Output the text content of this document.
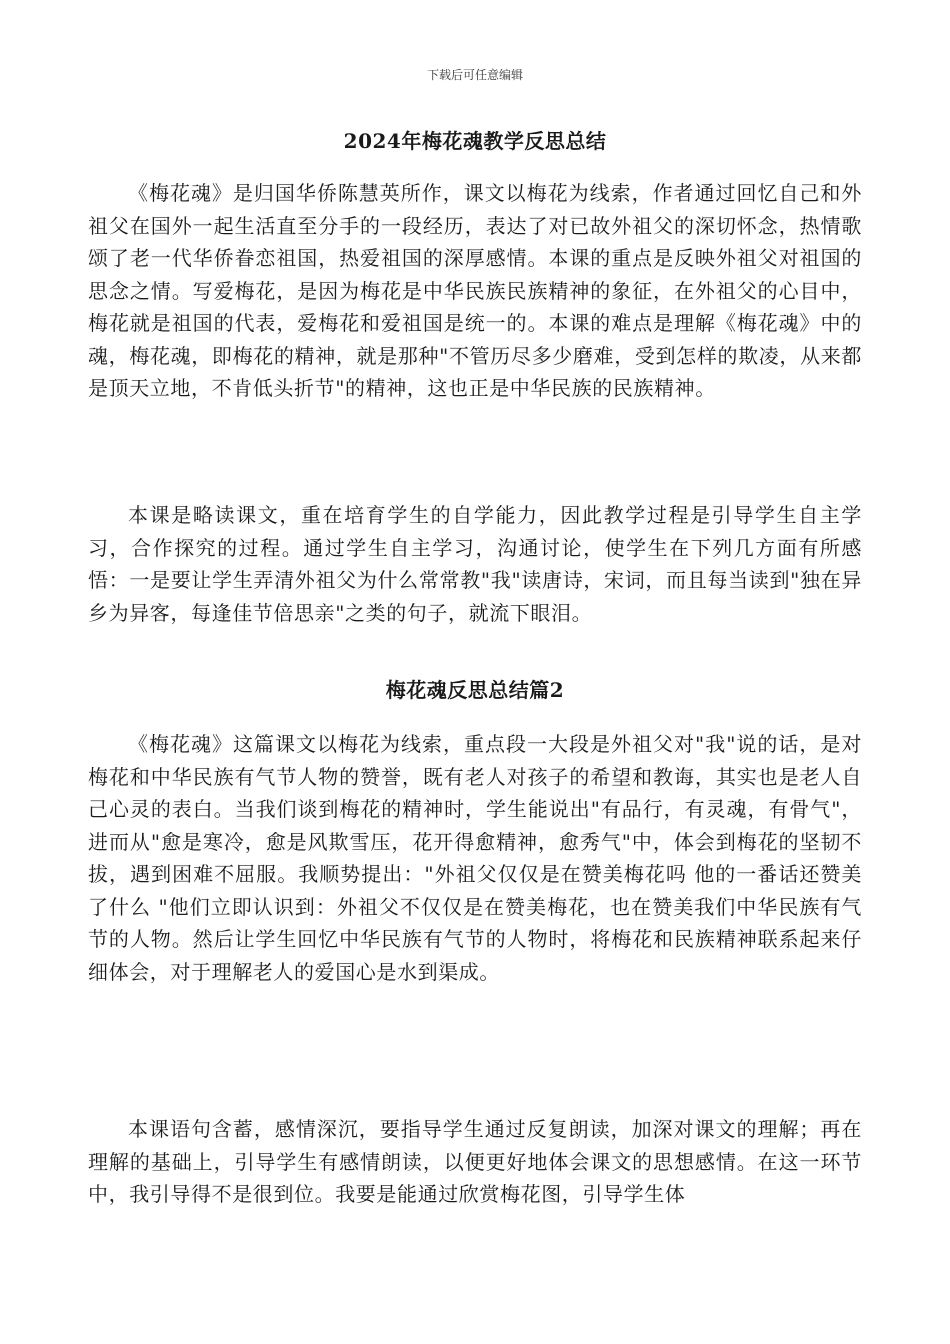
下载后可任意编辑
2024年梅花魂教学反思总结
《梅花魂》是归国华侨陈慧英所作，课文以梅花为线索，作者通过回忆自己和外祖父在国外一起生活直至分手的一段经历，表达了对已故外祖父的深切怀念，热情歌颂了老一代华侨眷恋祖国，热爱祖国的深厚感情。本课的重点是反映外祖父对祖国的思念之情。写爱梅花，是因为梅花是中华民族民族精神的象征，在外祖父的心目中，梅花就是祖国的代表，爱梅花和爱祖国是统一的。本课的难点是理解《梅花魂》中的魂，梅花魂，即梅花的精神，就是那种"不管历尽多少磨难，受到怎样的欺凌，从来都是顶天立地，不肯低头折节"的精神，这也正是中华民族的民族精神。
本课是略读课文，重在培育学生的自学能力，因此教学过程是引导学生自主学习，合作探究的过程。通过学生自主学习，沟通讨论，使学生在下列几方面有所感悟：一是要让学生弄清外祖父为什么常常教"我"读唐诗，宋词，而且每当读到"独在异乡为异客，每逢佳节倍思亲"之类的句子，就流下眼泪。
梅花魂反思总结篇2
《梅花魂》这篇课文以梅花为线索，重点段一大段是外祖父对"我"说的话，是对梅花和中华民族有气节人物的赞誉，既有老人对孩子的希望和教诲，其实也是老人自己心灵的表白。当我们谈到梅花的精神时，学生能说出"有品行，有灵魂，有骨气"，进而从"愈是寒冷，愈是风欺雪压，花开得愈精神，愈秀气"中，体会到梅花的坚韧不拔，遇到困难不屈服。我顺势提出："外祖父仅仅是在赞美梅花吗 他的一番话还赞美了什么 "他们立即认识到：外祖父不仅仅是在赞美梅花，也在赞美我们中华民族有气节的人物。然后让学生回忆中华民族有气节的人物时，将梅花和民族精神联系起来仔细体会，对于理解老人的爱国心是水到渠成。
本课语句含蓄，感情深沉，要指导学生通过反复朗读，加深对课文的理解；再在理解的基础上，引导学生有感情朗读，以便更好地体会课文的思想感情。在这一环节中，我引导得不是很到位。我要是能通过欣赏梅花图，引导学生体
